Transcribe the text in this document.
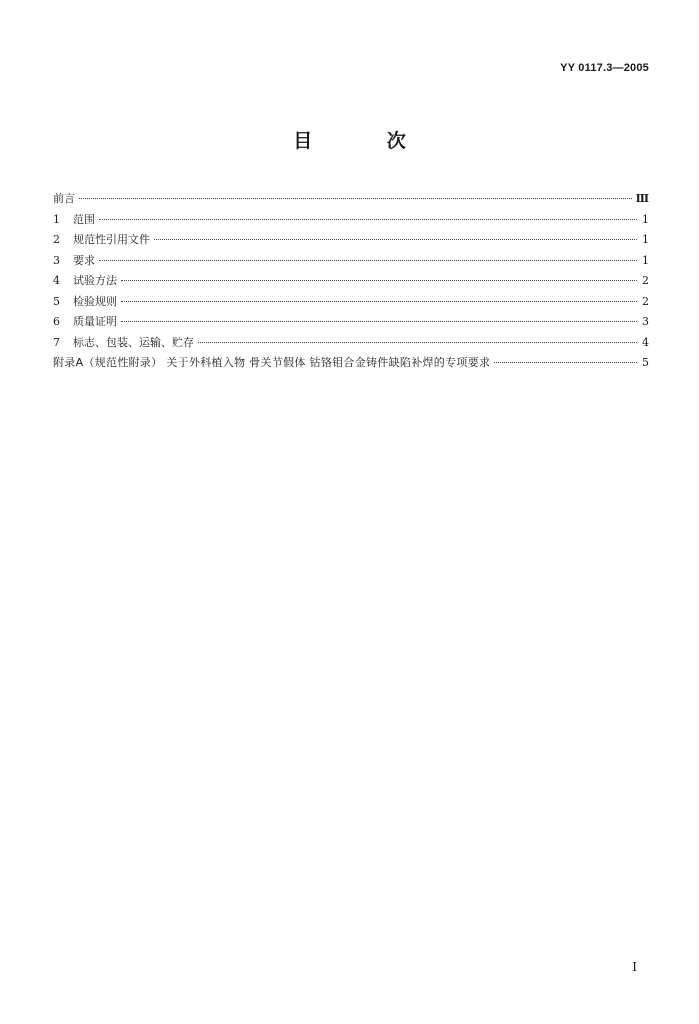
YY 0117.3—2005
目 次
前言	Ⅲ
1	范围	1
2	规范性引用文件	1
3	要求	1
4	试验方法	2
5	检验规则	2
6	质量证明	3
7	标志、包装、运输、贮存	4
附录A（规范性附录） 关于外科植入物 骨关节假体 钴铬钼合金铸件缺陷补焊的专项要求	5
I
